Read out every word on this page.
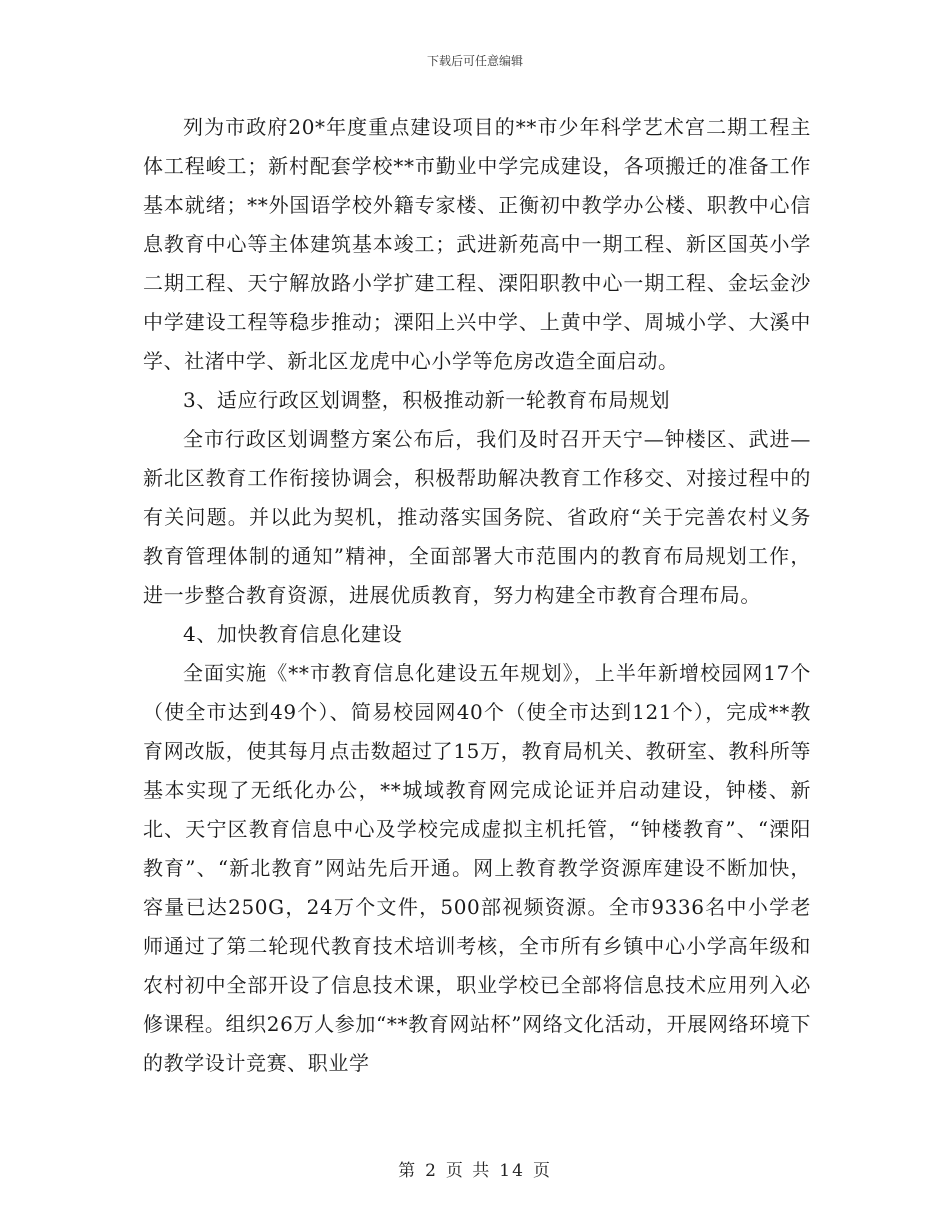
下载后可任意编辑

列为市政府20*年度重点建设项目的**市少年科学艺术宫二期工程主体工程峻工；新村配套学校**市勤业中学完成建设，各项搬迁的准备工作基本就绪；**外国语学校外籍专家楼、正衡初中教学办公楼、职教中心信息教育中心等主体建筑基本竣工；武进新苑高中一期工程、新区国英小学二期工程、天宁解放路小学扩建工程、溧阳职教中心一期工程、金坛金沙中学建设工程等稳步推动；溧阳上兴中学、上黄中学、周城小学、大溪中学、社渚中学、新北区龙虎中心小学等危房改造全面启动。

3、适应行政区划调整，积极推动新一轮教育布局规划

全市行政区划调整方案公布后，我们及时召开天宁—钟楼区、武进—新北区教育工作衔接协调会，积极帮助解决教育工作移交、对接过程中的有关问题。并以此为契机，推动落实国务院、省政府“关于完善农村义务教育管理体制的通知”精神，全面部署大市范围内的教育布局规划工作，进一步整合教育资源，进展优质教育，努力构建全市教育合理布局。

4、加快教育信息化建设

全面实施《**市教育信息化建设五年规划》，上半年新增校园网17个（使全市达到49个）、简易校园网40个（使全市达到121个），完成**教育网改版，使其每月点击数超过了15万，教育局机关、教研室、教科所等基本实现了无纸化办公，**城域教育网完成论证并启动建设，钟楼、新北、天宁区教育信息中心及学校完成虚拟主机托管，“钟楼教育”、“溧阳教育”、“新北教育”网站先后开通。网上教育教学资源库建设不断加快，容量已达250G，24万个文件，500部视频资源。全市9336名中小学老师通过了第二轮现代教育技术培训考核，全市所有乡镇中心小学高年级和农村初中全部开设了信息技术课，职业学校已全部将信息技术应用列入必修课程。组织26万人参加“**教育网站杯”网络文化活动，开展网络环境下的教学设计竞赛、职业学

第 2 页 共 14 页
